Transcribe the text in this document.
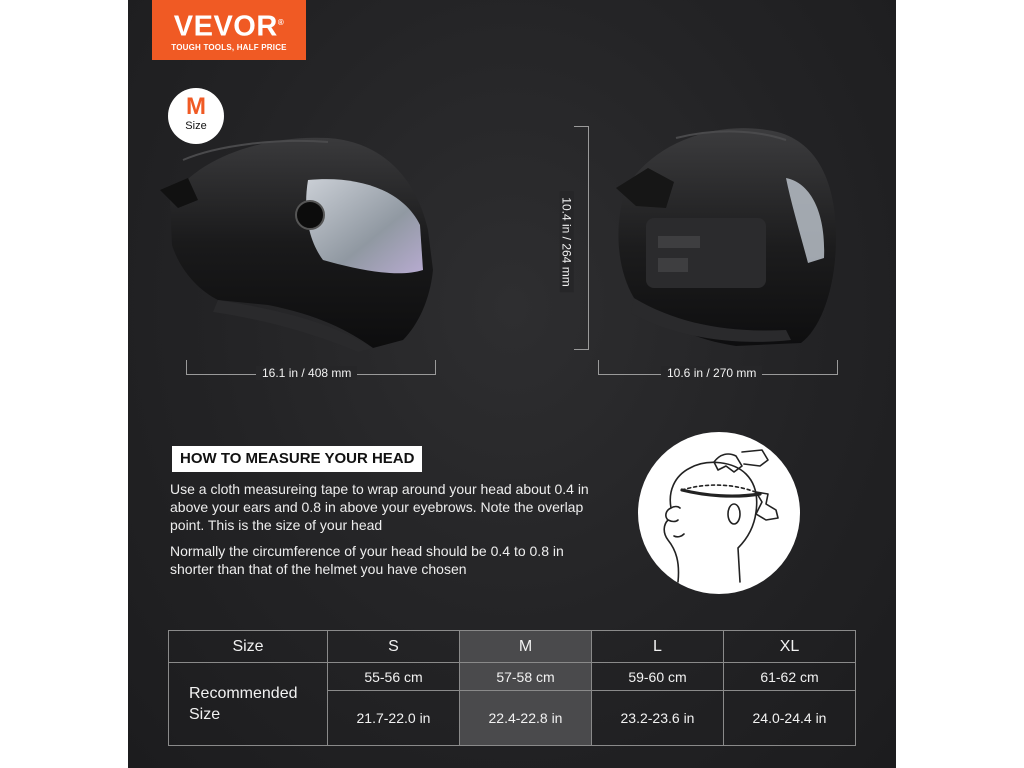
VEVOR®
TOUGH TOOLS, HALF PRICE
M
Size
16.1 in / 408 mm	10.6 in / 270 mm
10.4 in / 264 mm
HOW TO MEASURE YOUR HEAD
Use a cloth measureing tape to wrap around your head about 0.4 in above your ears and 0.8 in above your eyebrows. Note the overlap point. This is the size of your head
Normally the circumference of your head should be 0.4 to 0.8 in shorter than that of the helmet you have chosen
Size	S	M	L	XL
Recommended
Size	55-56 cm	57-58 cm	59-60 cm	61-62 cm
	21.7-22.0 in	22.4-22.8 in	23.2-23.6 in	24.0-24.4 in
